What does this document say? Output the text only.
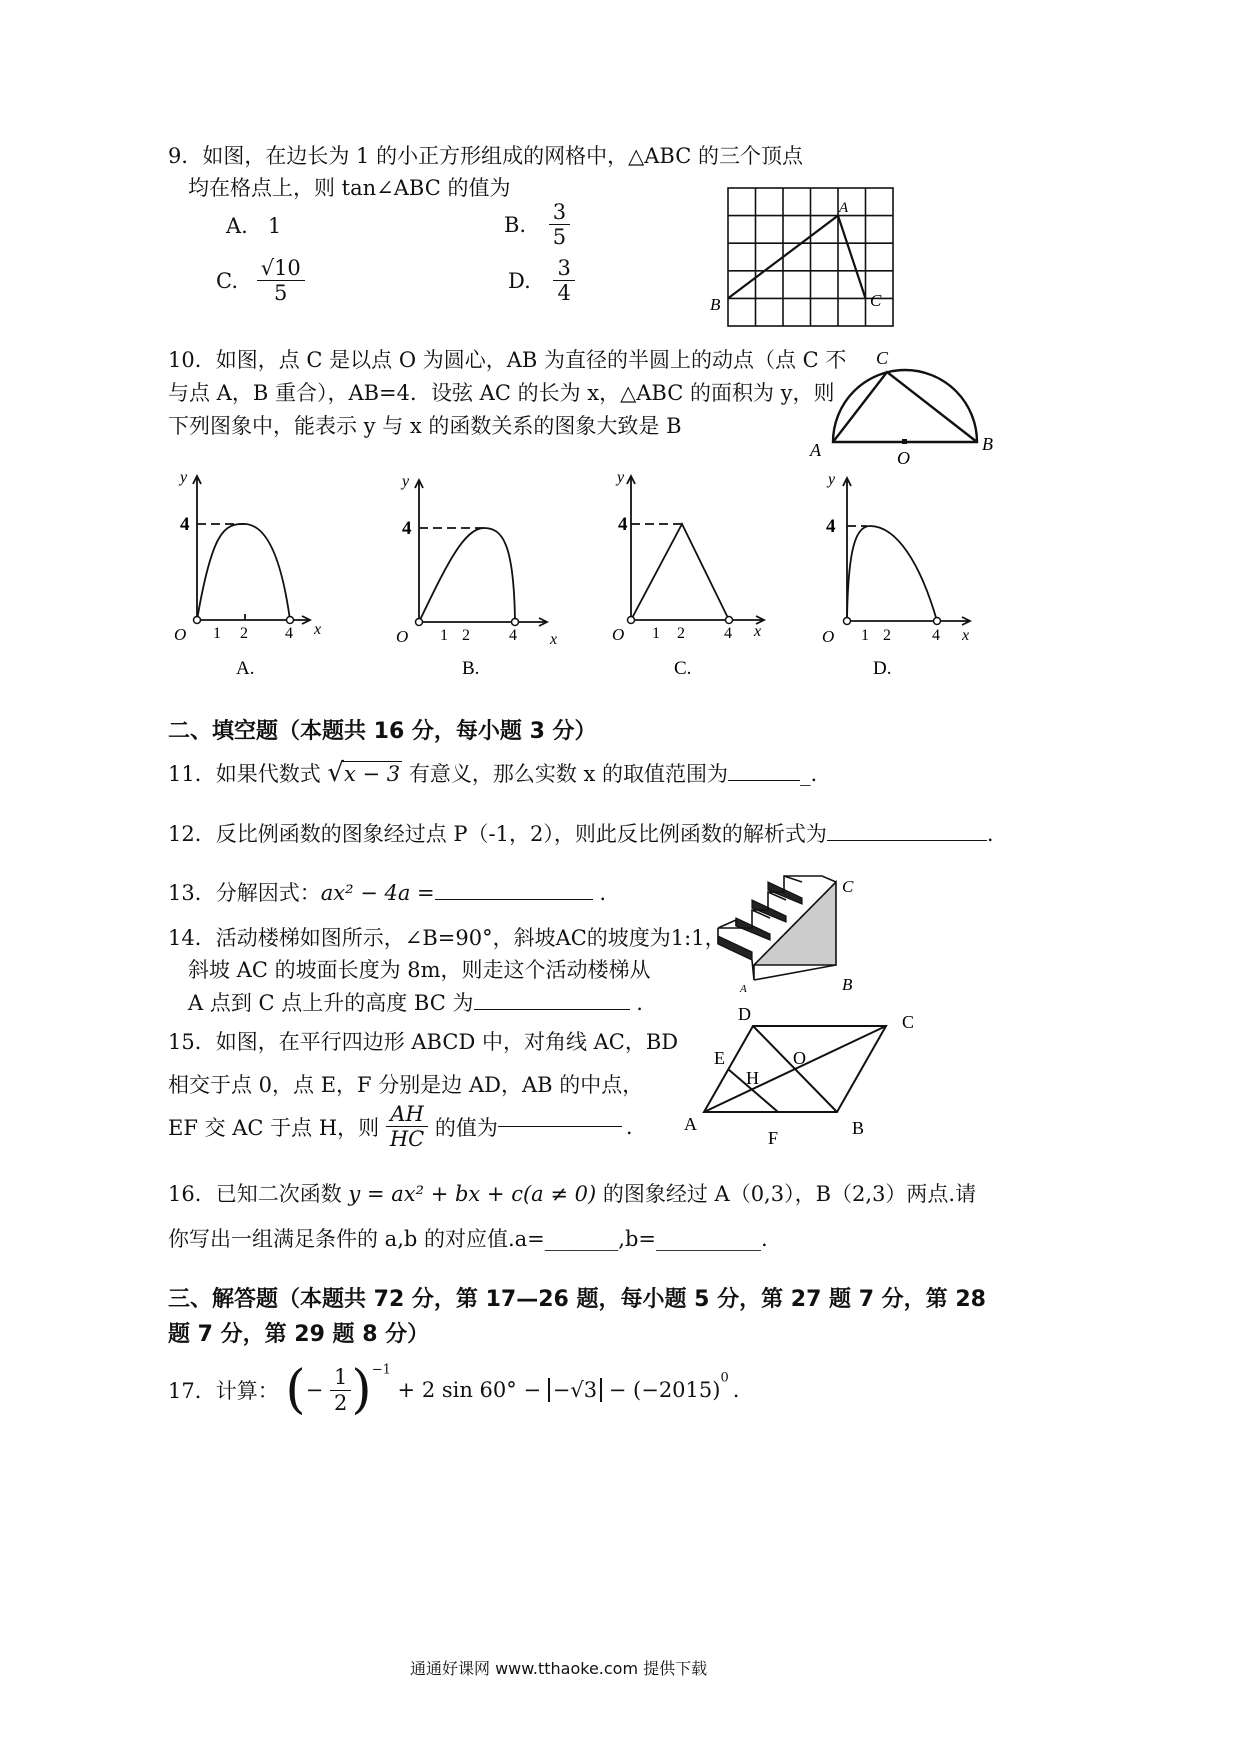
9．如图，在边长为 1 的小正方形组成的网格中，△ABC 的三个顶点
均在格点上，则 tan∠ABC 的值为
A. 1	B. $\frac{3}{5}$
C. $\frac{√10}{5}$	D. $\frac{3}{4}$
A
B	C
10．如图，点 C 是以点 O 为圆心，AB 为直径的半圆上的动点（点 C 不
与点 A，B 重合），AB=4．设弦 AC 的长为 x，△ABC 的面积为 y，则
下列图象中，能表示 y 与 x 的函数关系的图象大致是 B
C
A	B
O
y
4
O 1 2 4 x
A.
y
4
O 1 2 4 x
B.
y
4
O 1 2 4 x
C.
y
4
O 1 2	4 x
D.
二、填空题（本题共 16 分，每小题 3 分）
11．如果代数式 √x − 3 有意义，那么实数 x 的取值范围为	_.
12．反比例函数的图象经过点 P（-1，2），则此反比例函数的解析式为	.
13．分解因式：ax² − 4a =	.	C
A	B
14．活动楼梯如图所示，∠B=90°，斜坡AC的坡度为1:1，
斜坡 AC 的坡面长度为 8m，则走这个活动楼梯从
A 点到 C 点上升的高度 BC 为	.	D	C
E	O
H
A
F	B
15．如图，在平行四边形 ABCD 中，对角线 AC，BD
相交于点 0，点 E，F 分别是边 AD，AB 的中点，
EF 交 AC 于点 H，则 $\frac{AH}{HC}$ 的值为	.
16．已知二次函数 y = ax² + bx + c(a ≠ 0) 的图象经过 A（0,3），B（2,3）两点.请
你写出一组满足条件的 a,b 的对应值.a=_______,b=__________.
三、解答题（本题共 72 分，第 17—26 题，每小题 5 分，第 27 题 7 分，第 28
题 7 分，第 29 题 8 分）
17．计算： (− $\frac{1}{2} )^{-1} + 2$ $\sin 60^\circ - -√3 - (-2015)^0$ .
通通好课网 www.tthaoke.com 提供下载
